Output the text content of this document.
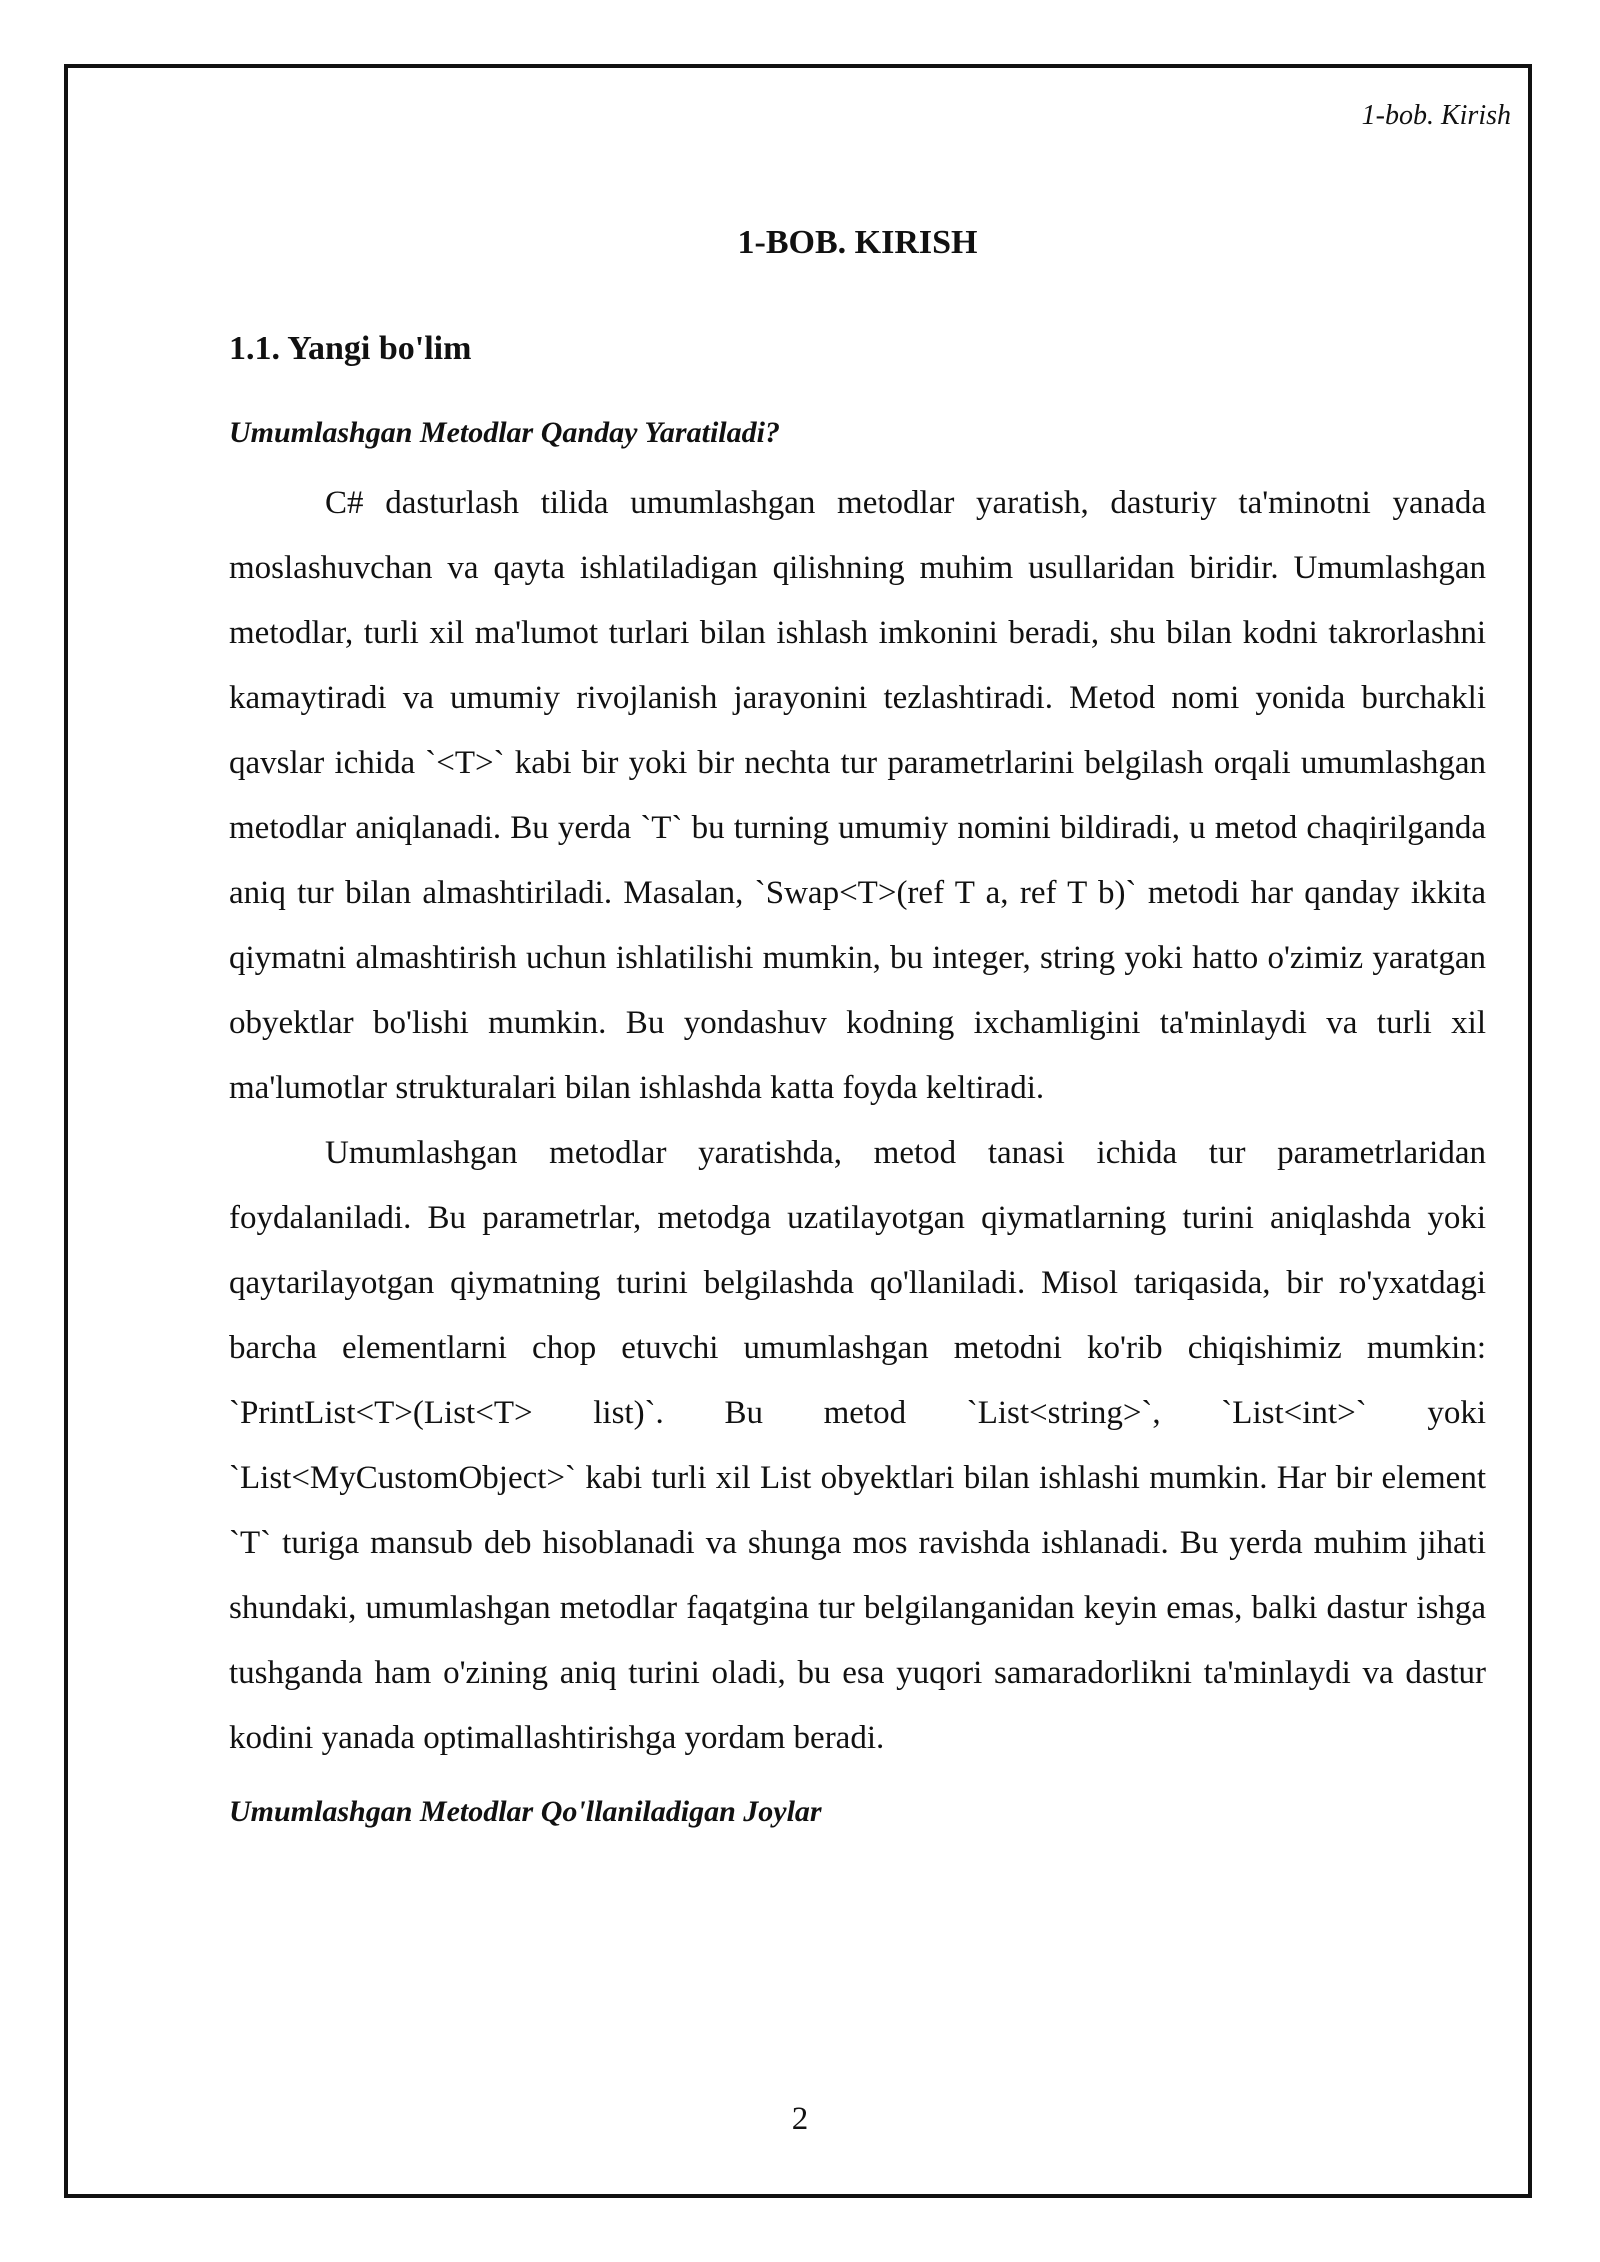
1-bob. Kirish
1-BOB. KIRISH
1.1. Yangi bo'lim
Umumlashgan Metodlar Qanday Yaratiladi?

C# dasturlash tilida umumlashgan metodlar yaratish, dasturiy ta'minotni yanada moslashuvchan va qayta ishlatiladigan qilishning muhim usullaridan biridir. Umumlashgan metodlar, turli xil ma'lumot turlari bilan ishlash imkonini beradi, shu bilan kodni takrorlashni kamaytiradi va umumiy rivojlanish jarayonini tezlashtiradi. Metod nomi yonida burchakli qavslar ichida `<T>` kabi bir yoki bir nechta tur parametrlarini belgilash orqali umumlashgan metodlar aniqlanadi. Bu yerda `T` bu turning umumiy nomini bildiradi, u metod chaqirilganda aniq tur bilan almashtiriladi. Masalan, `Swap<T>(ref T a, ref T b)` metodi har qanday ikkita qiymatni almashtirish uchun ishlatilishi mumkin, bu integer, string yoki hatto o'zimiz yaratgan obyektlar bo'lishi mumkin. Bu yondashuv kodning ixchamligini ta'minlaydi va turli xil ma'lumotlar strukturalari bilan ishlashda katta foyda keltiradi.

Umumlashgan metodlar yaratishda, metod tanasi ichida tur parametrlaridan foydalaniladi. Bu parametrlar, metodga uzatilayotgan qiymatlarning turini aniqlashda yoki qaytarilayotgan qiymatning turini belgilashda qo'llaniladi. Misol tariqasida, bir ro'yxatdagi barcha elementlarni chop etuvchi umumlashgan metodni ko'rib chiqishimiz mumkin: `PrintList<T>(List<T> list)`. Bu metod `List<string>`, `List<int>` yoki `List<MyCustomObject>` kabi turli xil List obyektlari bilan ishlashi mumkin. Har bir element `T` turiga mansub deb hisoblanadi va shunga mos ravishda ishlanadi. Bu yerda muhim jihati shundaki, umumlashgan metodlar faqatgina tur belgilanganidan keyin emas, balki dastur ishga tushganda ham o'zining aniq turini oladi, bu esa yuqori samaradorlikni ta'minlaydi va dastur kodini yanada optimallashtirishga yordam beradi.

Umumlashgan Metodlar Qo'llaniladigan Joylar
2
